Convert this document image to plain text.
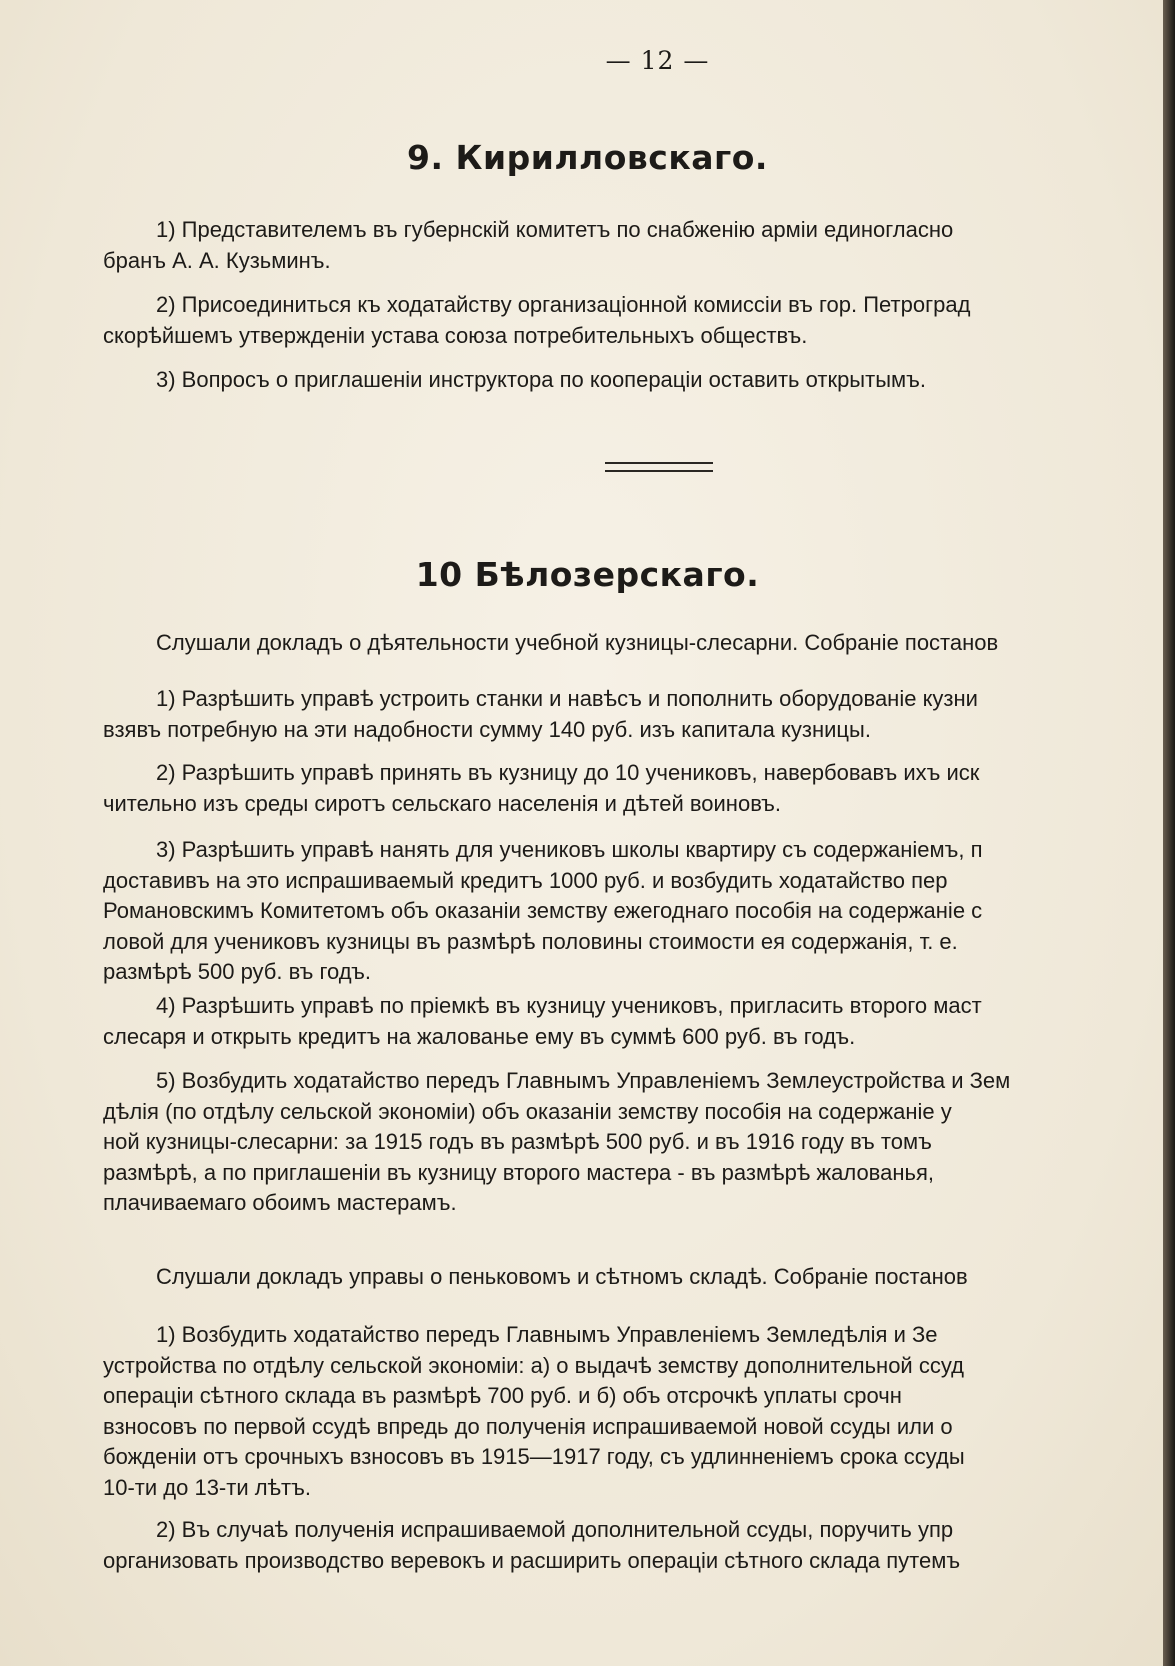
— 12 —
9. Кирилловскаго.
1) Представителемъ въ губернскій комитетъ по снабженію арміи единогласно
бранъ А. А. Кузьминъ.
2) Присоединиться къ ходатайству организаціонной комиссіи въ гор. Петроград
скорѣйшемъ утвержденіи устава союза потребительныхъ обществъ.
3) Вопросъ о приглашеніи инструктора по коопераціи оставить открытымъ.
10 Бѣлозерскаго.
Слушали докладъ о дѣятельности учебной кузницы-слесарни. Собраніе постанов
1) Разрѣшить управѣ устроить станки и навѣсъ и пополнить оборудованіе кузни
взявъ потребную на эти надобности сумму 140 руб. изъ капитала кузницы.
2) Разрѣшить управѣ принять въ кузницу до 10 учениковъ, навербовавъ ихъ иск
чительно изъ среды сиротъ сельскаго населенія и дѣтей воиновъ.
3) Разрѣшить управѣ нанять для учениковъ школы квартиру съ содержаніемъ, п
доставивъ на это испрашиваемый кредитъ 1000 руб. и возбудить ходатайство пер
Романовскимъ Комитетомъ объ оказаніи земству ежегоднаго пособія на содержаніе с
ловой для учениковъ кузницы въ размѣрѣ половины стоимости ея содержанія, т. е.
размѣрѣ 500 руб. въ годъ.
4) Разрѣшить управѣ по пріемкѣ въ кузницу учениковъ, пригласить второго маст
слесаря и открыть кредитъ на жалованье ему въ суммѣ 600 руб. въ годъ.
5) Возбудить ходатайство передъ Главнымъ Управленіемъ Землеустройства и Зем
дѣлія (по отдѣлу сельской экономіи) объ оказаніи земству пособія на содержаніе у
ной кузницы-слесарни: за 1915 годъ въ размѣрѣ 500 руб. и въ 1916 году въ томъ
размѣрѣ, а по приглашеніи въ кузницу второго мастера - въ размѣрѣ жалованья,
плачиваемаго обоимъ мастерамъ.
Слушали докладъ управы о пеньковомъ и сѣтномъ складѣ. Собраніе постанов
1) Возбудить ходатайство передъ Главнымъ Управленіемъ Земледѣлія и Зе
устройства по отдѣлу сельской экономіи: а) о выдачѣ земству дополнительной ссуд
операціи сѣтного склада въ размѣрѣ 700 руб. и б) объ отсрочкѣ уплаты срочн
взносовъ по первой ссудѣ впредь до полученія испрашиваемой новой ссуды или о
божденіи отъ срочныхъ взносовъ въ 1915—1917 году, съ удлинненіемъ срока ссуды
10-ти до 13-ти лѣтъ.
2) Въ случаѣ полученія испрашиваемой дополнительной ссуды, поручить упр
организовать производство веревокъ и расширить операціи сѣтного склада путемъ
